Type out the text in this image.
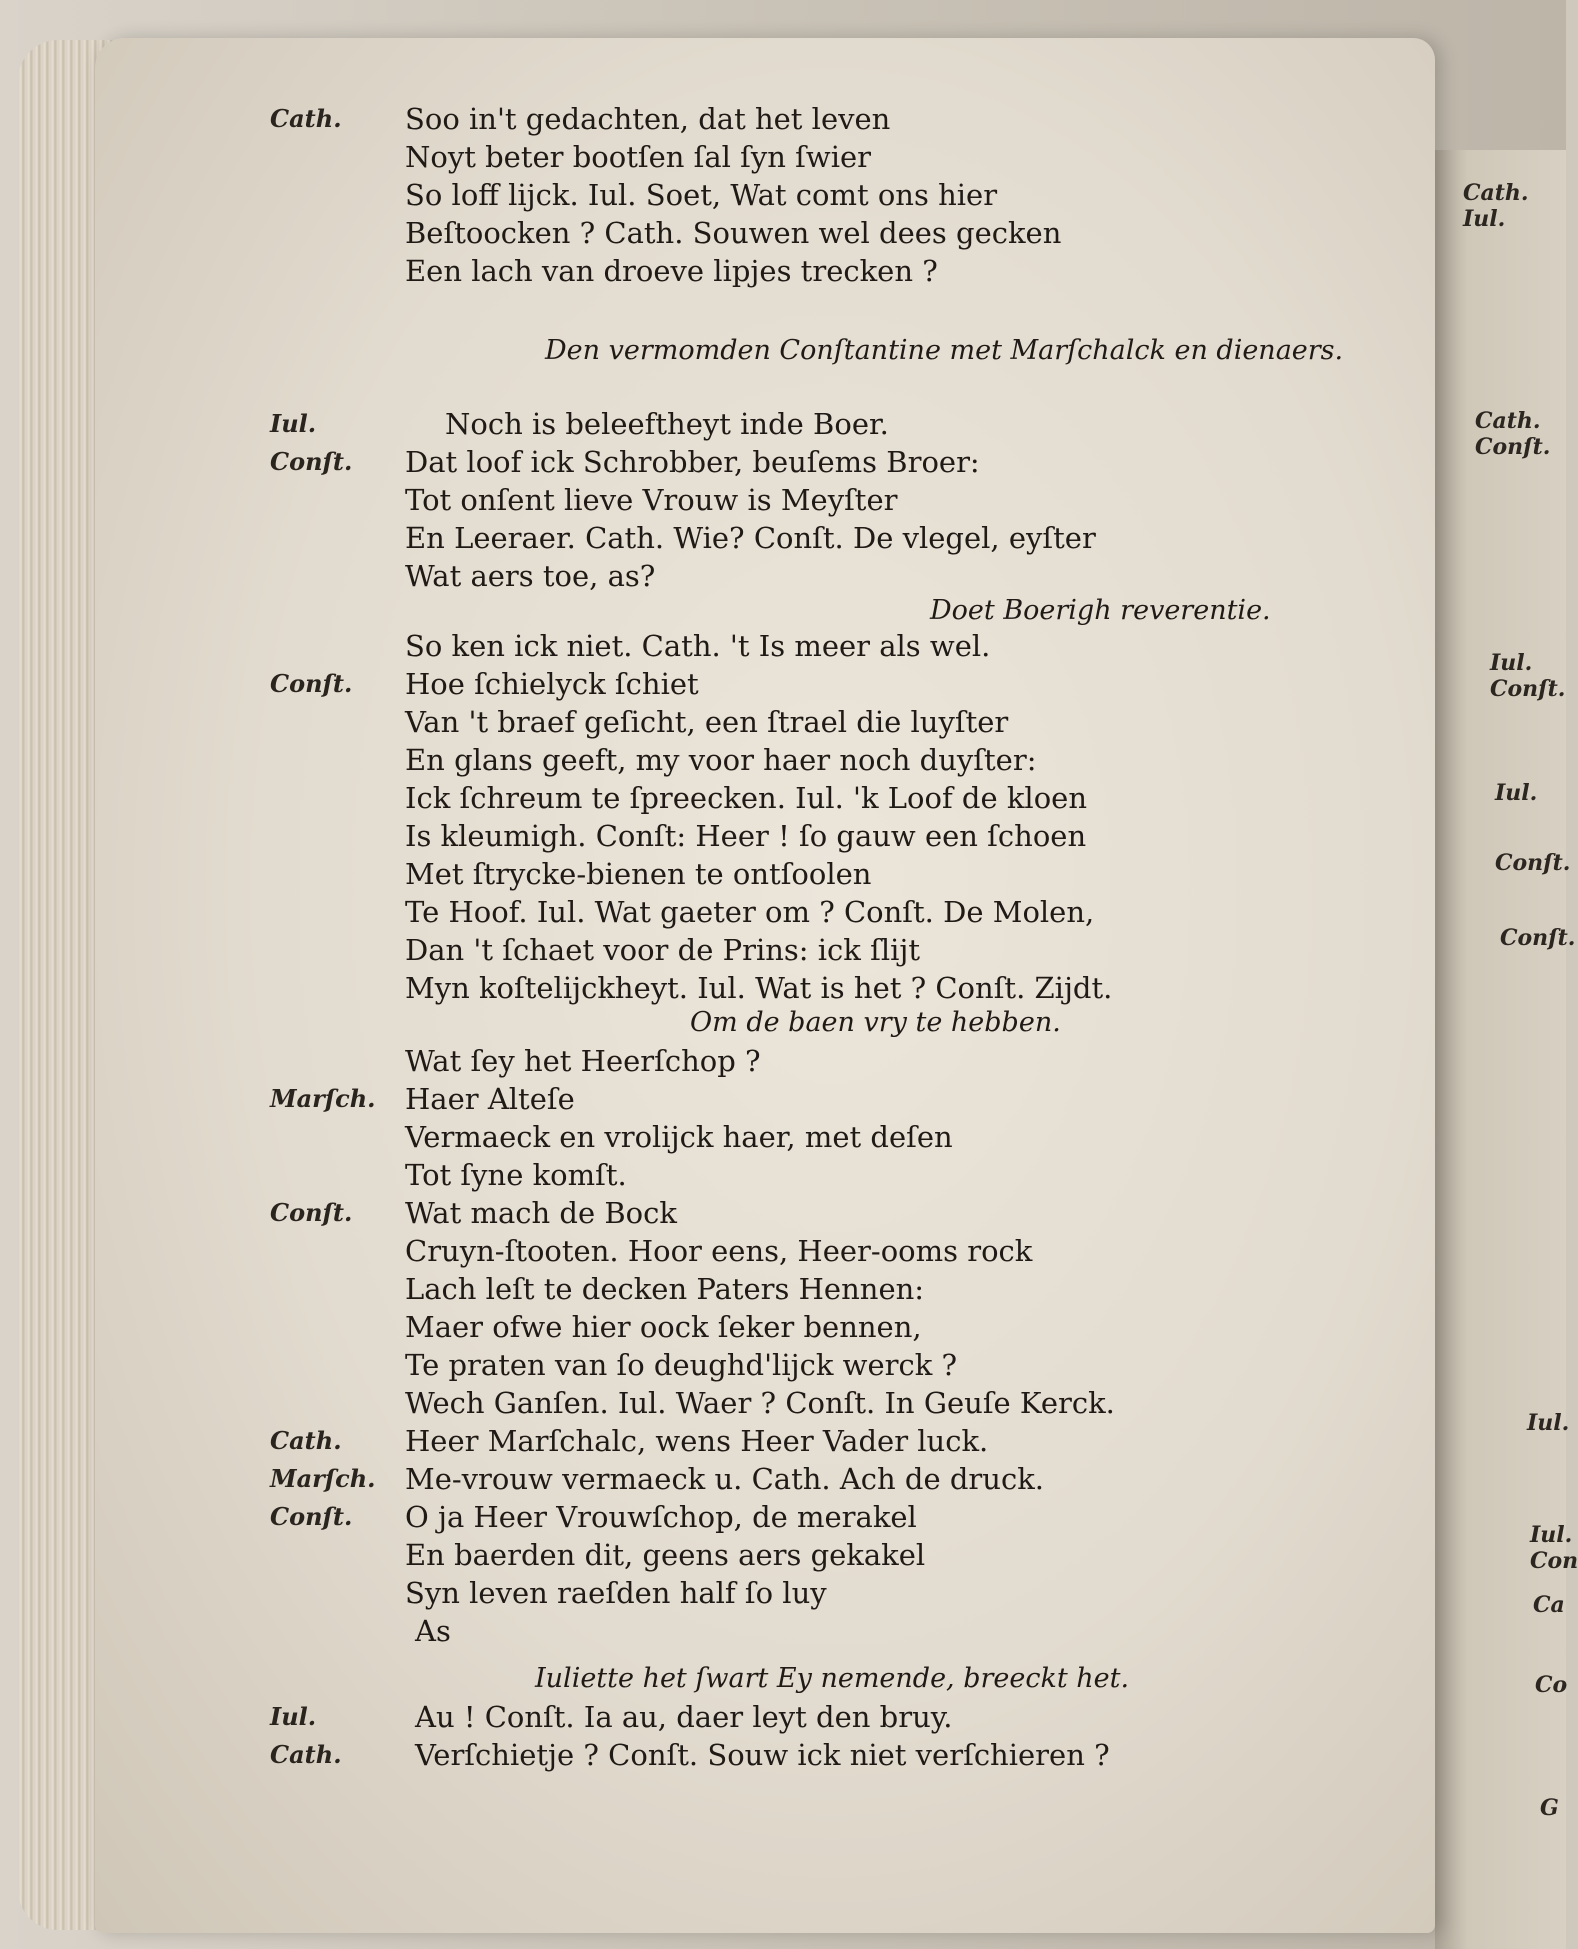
Cath.
Iul.
Cath.
Conſt.
Iul.
Conſt.
Iul.
Conſt.
Conſt.
Iul.
Iul.
Con
Ca
Co
G
Cath.	Soo in't gedachten, dat het leven
Noyt beter bootſen ſal ſyn ſwier
So loff lijck. Iul. Soet, Wat comt ons hier
Beſtoocken ? Cath. Souwen wel dees gecken
Een lach van droeve lipjes trecken ?
Den vermomden Conſtantine met Marſchalck en dienaers.
Iul.	Noch is beleeftheyt inde Boer.
Conſt.	Dat loof ick Schrobber, beuſems Broer:
Tot onſent lieve Vrouw is Meyſter
En Leeraer. Cath. Wie? Conſt. De vlegel, eyſter
Wat aers toe, as?
Doet Boerigh reverentie.
So ken ick niet. Cath. 't Is meer als wel.
Conſt.	Hoe ſchielyck ſchiet
Van 't braef geſicht, een ſtrael die luyſter
En glans geeft, my voor haer noch duyſter:
Ick ſchreum te ſpreecken. Iul. 'k Loof de kloen
Is kleumigh. Conſt: Heer ! ſo gauw een ſchoen
Met ſtrycke-bienen te ontſoolen
Te Hoof. Iul. Wat gaeter om ? Conſt. De Molen,
Dan 't ſchaet voor de Prins: ick ſlijt
Myn koſtelijckheyt. Iul. Wat is het ? Conſt. Zijdt.
Om de baen vry te hebben.
Wat ſey het Heerſchop ?
Marſch.	Haer Alteſe
Vermaeck en vrolijck haer, met deſen
Tot ſyne komſt.
Conſt.	Wat mach de Bock
Cruyn-ſtooten. Hoor eens, Heer-ooms rock
Lach leſt te decken Paters Hennen:
Maer ofwe hier oock ſeker bennen,
Te praten van ſo deughd'lijck werck ?
Wech Ganſen. Iul. Waer ? Conſt. In Geuſe Kerck.
Cath.	Heer Marſchalc, wens Heer Vader luck.
Marſch.	Me-vrouw vermaeck u. Cath. Ach de druck.
Conſt.	O ja Heer Vrouwſchop, de merakel
En baerden dit, geens aers gekakel
Syn leven raeſden half ſo luy
As
Iuliette het ſwart Ey nemende, breeckt het.
Iul.	Au ! Conſt. Ia au, daer leyt den bruy.
Cath.	Verſchietje ? Conſt. Souw ick niet verſchieren ?
